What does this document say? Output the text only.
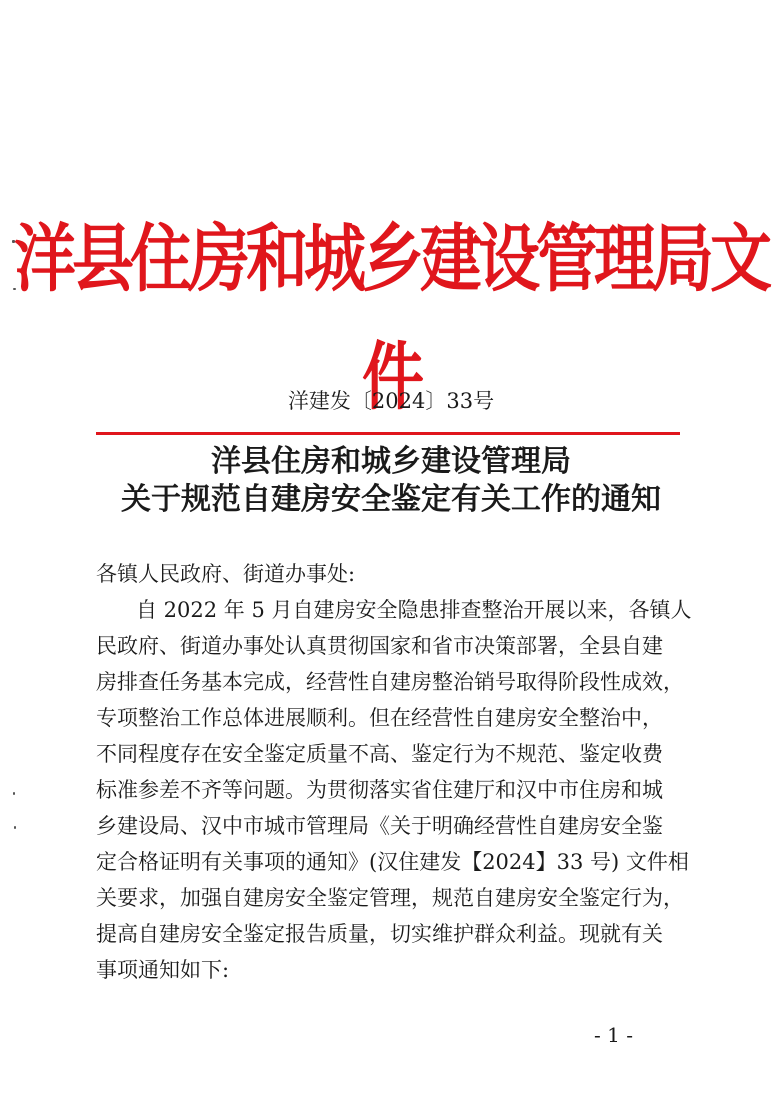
洋县住房和城乡建设管理局文件
洋建发〔2024〕33号
洋县住房和城乡建设管理局
关于规范自建房安全鉴定有关工作的通知
各镇人民政府、街道办事处:
自 2022 年 5 月自建房安全隐患排查整治开展以来，各镇人
民政府、街道办事处认真贯彻国家和省市决策部署，全县自建
房排查任务基本完成，经营性自建房整治销号取得阶段性成效，
专项整治工作总体进展顺利。但在经营性自建房安全整治中，
不同程度存在安全鉴定质量不高、鉴定行为不规范、鉴定收费
标准参差不齐等问题。为贯彻落实省住建厅和汉中市住房和城
乡建设局、汉中市城市管理局《关于明确经营性自建房安全鉴
定合格证明有关事项的通知》(汉住建发【2024】33 号) 文件相
关要求，加强自建房安全鉴定管理，规范自建房安全鉴定行为，
提高自建房安全鉴定报告质量，切实维护群众利益。现就有关
事项通知如下:
- 1 -
